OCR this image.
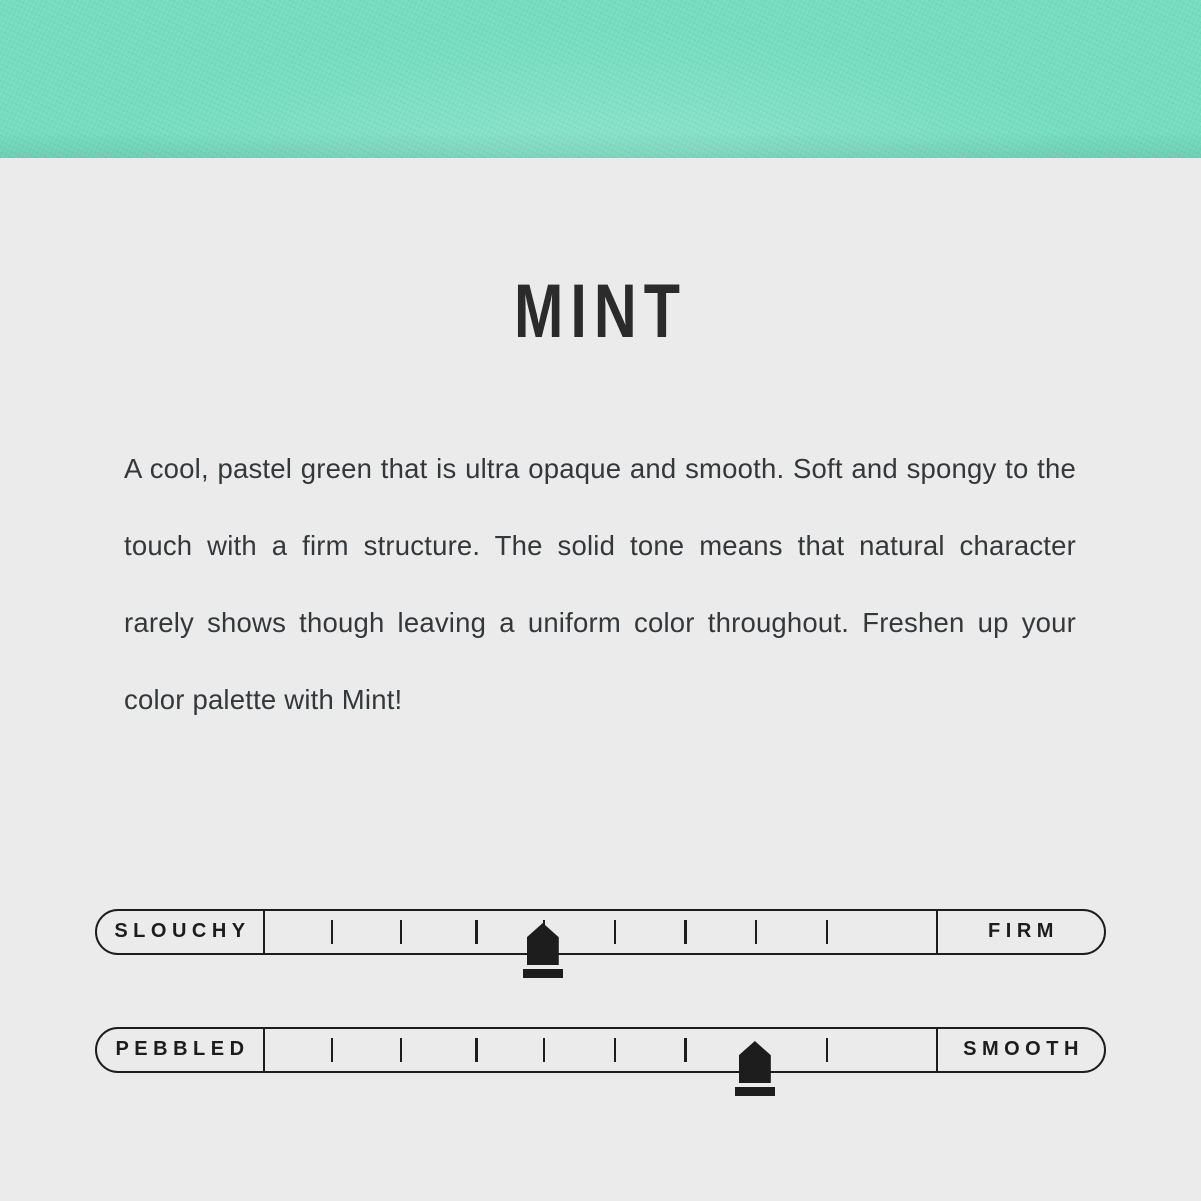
MINT
A cool, pastel green that is ultra opaque and smooth. Soft and spongy to the touch with a firm structure. The solid tone means that natural character rarely shows though leaving a uniform color throughout. Freshen up your color palette with Mint!
SLOUCHY	FIRM
PEBBLED	SMOOTH
